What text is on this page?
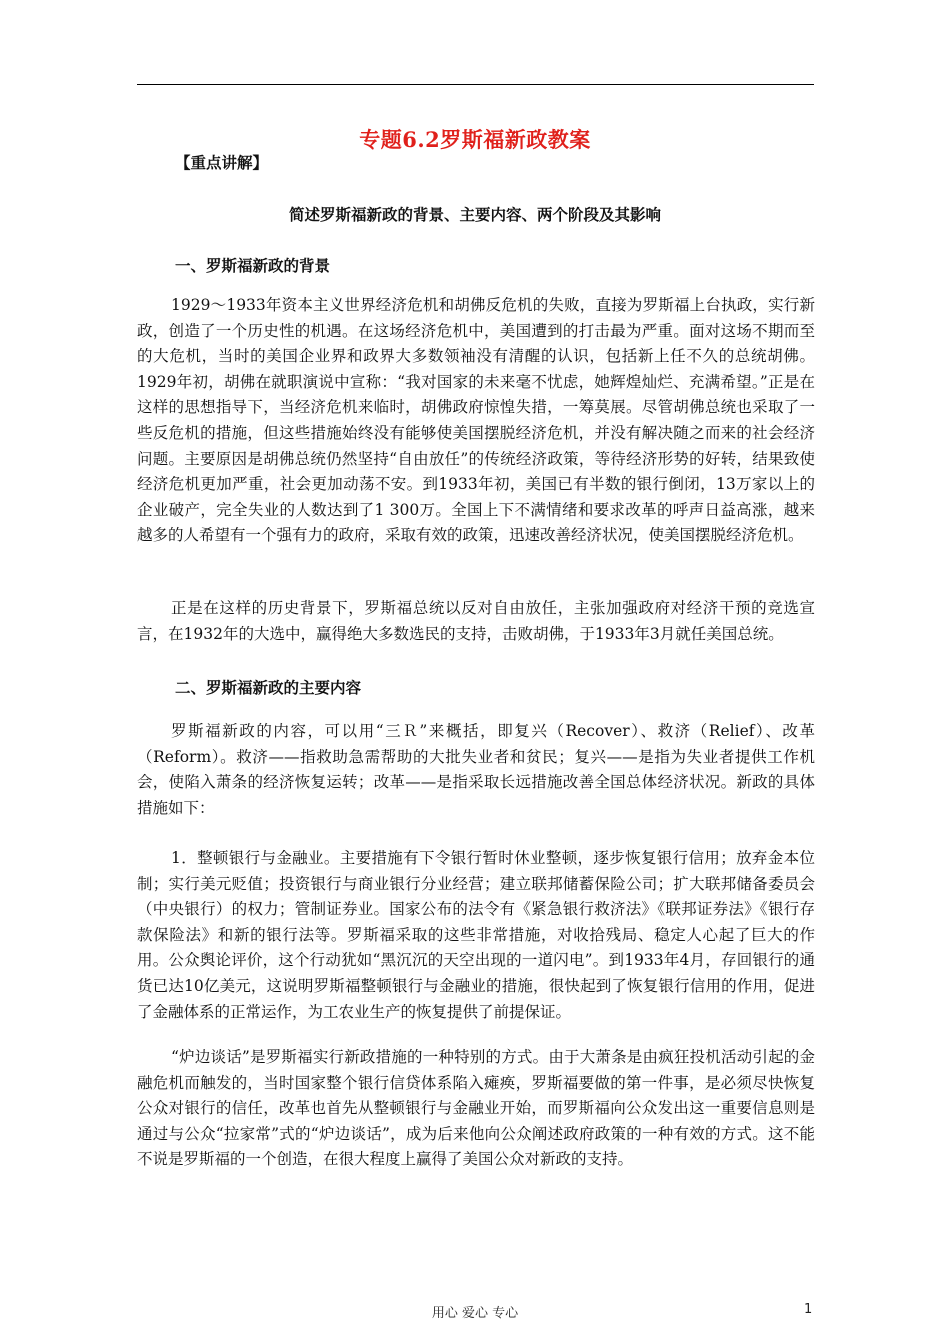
专题6.2罗斯福新政教案
【重点讲解】
简述罗斯福新政的背景、主要内容、两个阶段及其影响
一、罗斯福新政的背景

1929～1933年资本主义世界经济危机和胡佛反危机的失败，直接为罗斯福上台执政，实行新政，创造了一个历史性的机遇。在这场经济危机中，美国遭到的打击最为严重。面对这场不期而至的大危机，当时的美国企业界和政界大多数领袖没有清醒的认识，包括新上任不久的总统胡佛。1929年初，胡佛在就职演说中宣称：“我对国家的未来毫不忧虑，她辉煌灿烂、充满希望。”正是在这样的思想指导下，当经济危机来临时，胡佛政府惊惶失措，一筹莫展。尽管胡佛总统也采取了一些反危机的措施，但这些措施始终没有能够使美国摆脱经济危机，并没有解决随之而来的社会经济问题。主要原因是胡佛总统仍然坚持“自由放任”的传统经济政策，等待经济形势的好转，结果致使经济危机更加严重，社会更加动荡不安。到1933年初，美国已有半数的银行倒闭，13万家以上的企业破产，完全失业的人数达到了1 300万。全国上下不满情绪和要求改革的呼声日益高涨，越来越多的人希望有一个强有力的政府，采取有效的政策，迅速改善经济状况，使美国摆脱经济危机。

正是在这样的历史背景下，罗斯福总统以反对自由放任，主张加强政府对经济干预的竞选宣言，在1932年的大选中，赢得绝大多数选民的支持，击败胡佛，于1933年3月就任美国总统。

二、罗斯福新政的主要内容

罗斯福新政的内容，可以用“三Ｒ”来概括，即复兴（Recover）、救济（Relief）、改革（Reform）。救济——指救助急需帮助的大批失业者和贫民；复兴——是指为失业者提供工作机会，使陷入萧条的经济恢复运转；改革——是指采取长远措施改善全国总体经济状况。新政的具体措施如下：

1．整顿银行与金融业。主要措施有下令银行暂时休业整顿，逐步恢复银行信用；放弃金本位制；实行美元贬值；投资银行与商业银行分业经营；建立联邦储蓄保险公司；扩大联邦储备委员会（中央银行）的权力；管制证券业。国家公布的法令有《紧急银行救济法》《联邦证券法》《银行存款保险法》和新的银行法等。罗斯福采取的这些非常措施，对收拾残局、稳定人心起了巨大的作用。公众舆论评价，这个行动犹如“黑沉沉的天空出现的一道闪电”。到1933年4月，存回银行的通货已达10亿美元，这说明罗斯福整顿银行与金融业的措施，很快起到了恢复银行信用的作用，促进了金融体系的正常运作，为工农业生产的恢复提供了前提保证。

“炉边谈话”是罗斯福实行新政措施的一种特别的方式。由于大萧条是由疯狂投机活动引起的金融危机而触发的，当时国家整个银行信贷体系陷入瘫痪，罗斯福要做的第一件事，是必须尽快恢复公众对银行的信任，改革也首先从整顿银行与金融业开始，而罗斯福向公众发出这一重要信息则是通过与公众“拉家常”式的“炉边谈话”，成为后来他向公众阐述政府政策的一种有效的方式。这不能不说是罗斯福的一个创造，在很大程度上赢得了美国公众对新政的支持。

用心 爱心 专心	1
